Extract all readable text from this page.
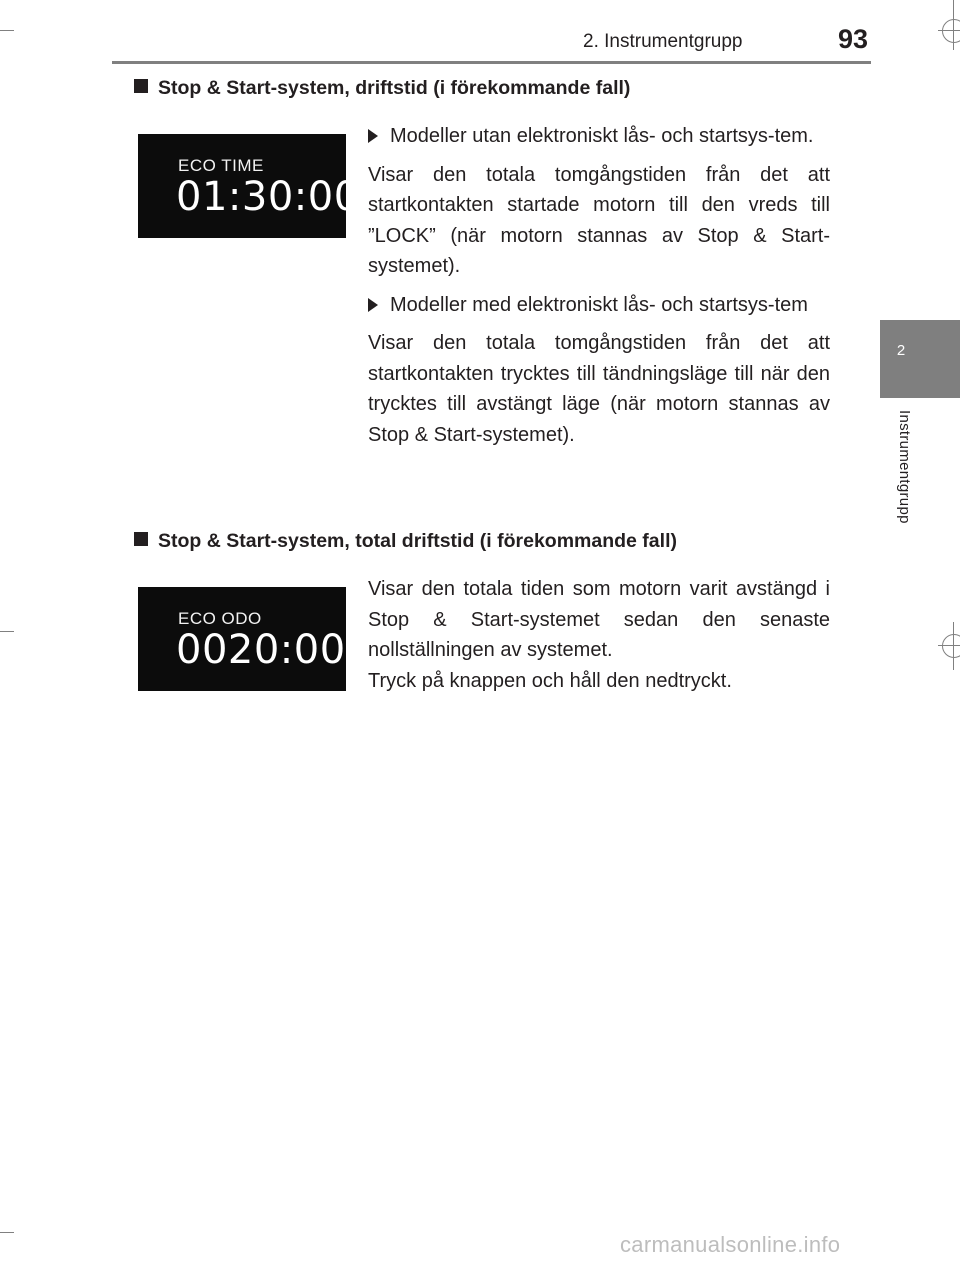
2. Instrumentgrupp	93
2
Instrumentgrupp
Stop & Start-system, driftstid (i förekommande fall)
ECO TIME
01:30:00
Modeller utan elektroniskt lås- och startsys-tem.

Visar den totala tomgångstiden från det att startkontakten startade motorn till den vreds till ”LOCK” (när motorn stannas av Stop & Start-systemet).

Modeller med elektroniskt lås- och startsys-tem

Visar den totala tomgångstiden från det att startkontakten trycktes till tändningsläge till när den trycktes till avstängt läge (när motorn stannas av Stop & Start-systemet).

Stop & Start-system, total driftstid (i förekommande fall)
ECO ODO
0020:00

Visar den totala tiden som motorn varit avstängd i Stop & Start-systemet sedan den senaste nollställningen av systemet.

Tryck på knappen och håll den nedtryckt.

carmanualsonline.info
